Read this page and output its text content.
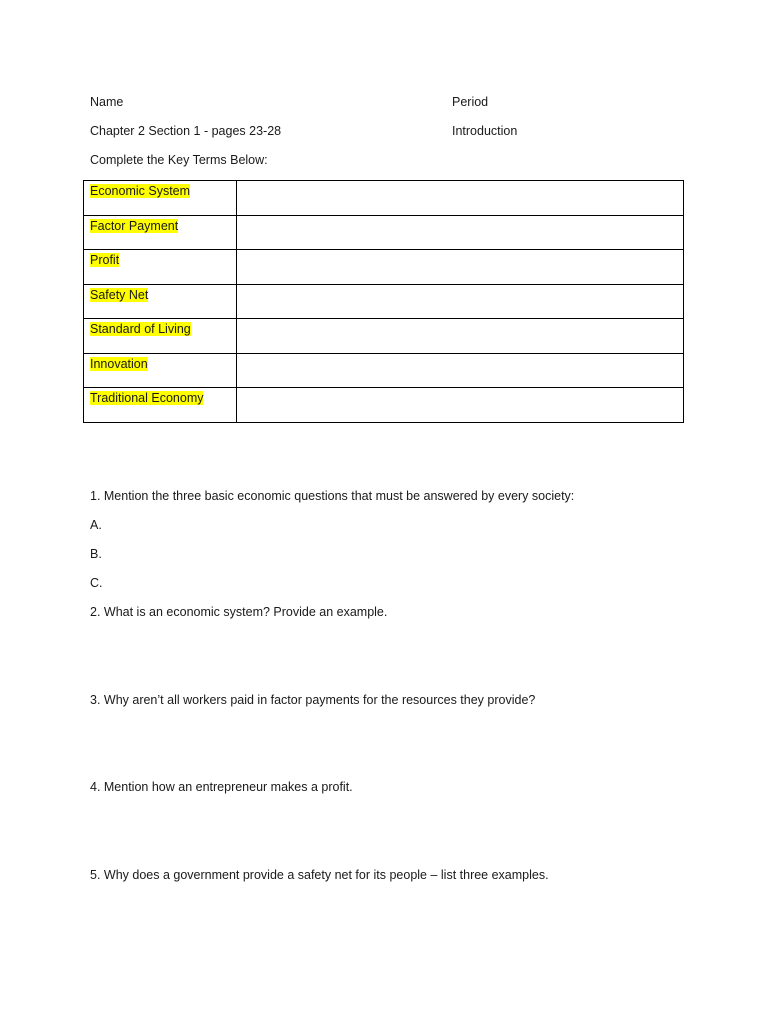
Name	Period
Chapter 2 Section 1 - pages 23-28	Introduction
Complete the Key Terms Below:
Economic System	
Factor Payment	
Profit	
Safety Net	
Standard of Living	
Innovation	
Traditional Economy	
1. Mention the three basic economic questions that must be answered by every society:
A.
B.
C.
2. What is an economic system? Provide an example.
3. Why aren’t all workers paid in factor payments for the resources they provide?
4. Mention how an entrepreneur makes a profit.
5. Why does a government provide a safety net for its people – list three examples.
